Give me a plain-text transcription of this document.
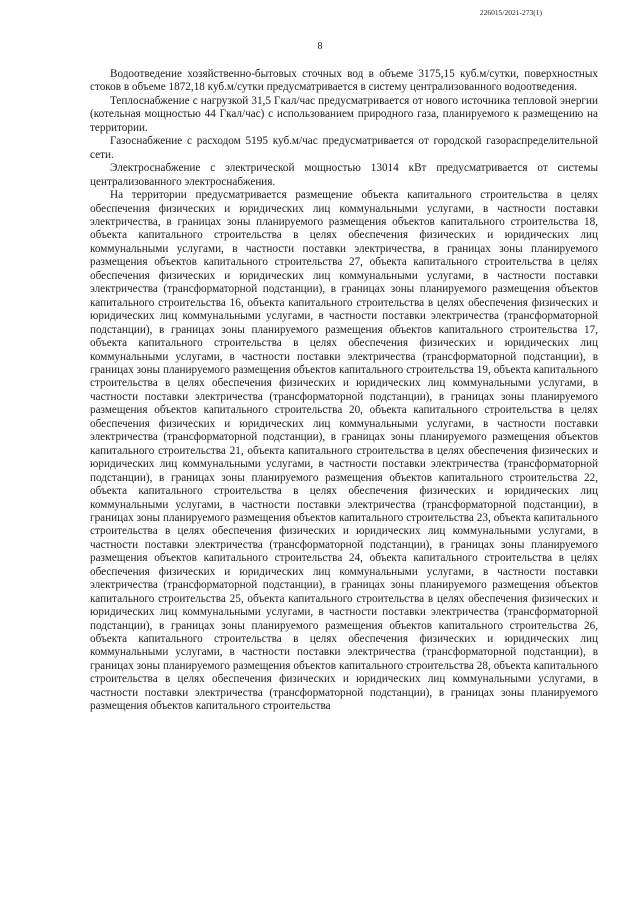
226015/2021-273(1)
8

Водоотведение хозяйственно-бытовых сточных вод в объеме 3175,15 куб.м/сутки, поверхностных стоков в объеме 1872,18 куб.м/сутки предусматривается в систему централизованного водоотведения.

Теплоснабжение с нагрузкой 31,5 Гкал/час предусматривается от нового источника тепловой энергии (котельная мощностью 44 Гкал/час) с использованием природного газа, планируемого к размещению на территории.

Газоснабжение с расходом 5195 куб.м/час предусматривается от городской газораспределительной сети.

Электроснабжение с электрической мощностью 13014 кВт предусматривается от системы централизованного электроснабжения.

На территории предусматривается размещение объекта капитального строительства в целях обеспечения физических и юридических лиц коммунальными услугами, в частности поставки электричества, в границах зоны планируемого размещения объектов капитального строительства 18, объекта капитального строительства в целях обеспечения физических и юридических лиц коммунальными услугами, в частности поставки электричества, в границах зоны планируемого размещения объектов капитального строительства 27, объекта капитального строительства в целях обеспечения физических и юридических лиц коммунальными услугами, в частности поставки электричества (трансформаторной подстанции), в границах зоны планируемого размещения объектов капитального строительства 16, объекта капитального строительства в целях обеспечения физических и юридических лиц коммунальными услугами, в частности поставки электричества (трансформаторной подстанции), в границах зоны планируемого размещения объектов капитального строительства 17, объекта капитального строительства в целях обеспечения физических и юридических лиц коммунальными услугами, в частности поставки электричества (трансформаторной подстанции), в границах зоны планируемого размещения объектов капитального строительства 19, объекта капитального строительства в целях обеспечения физических и юридических лиц коммунальными услугами, в частности поставки электричества (трансформаторной подстанции), в границах зоны планируемого размещения объектов капитального строительства 20, объекта капитального строительства в целях обеспечения физических и юридических лиц коммунальными услугами, в частности поставки электричества (трансформаторной подстанции), в границах зоны планируемого размещения объектов капитального строительства 21, объекта капитального строительства в целях обеспечения физических и юридических лиц коммунальными услугами, в частности поставки электричества (трансформаторной подстанции), в границах зоны планируемого размещения объектов капитального строительства 22, объекта капитального строительства в целях обеспечения физических и юридических лиц коммунальными услугами, в частности поставки электричества (трансформаторной подстанции), в границах зоны планируемого размещения объектов капитального строительства 23, объекта капитального строительства в целях обеспечения физических и юридических лиц коммунальными услугами, в частности поставки электричества (трансформаторной подстанции), в границах зоны планируемого размещения объектов капитального строительства 24, объекта капитального строительства в целях обеспечения физических и юридических лиц коммунальными услугами, в частности поставки электричества (трансформаторной подстанции), в границах зоны планируемого размещения объектов капитального строительства 25, объекта капитального строительства в целях обеспечения физических и юридических лиц коммунальными услугами, в частности поставки электричества (трансформаторной подстанции), в границах зоны планируемого размещения объектов капитального строительства 26, объекта капитального строительства в целях обеспечения физических и юридических лиц коммунальными услугами, в частности поставки электричества (трансформаторной подстанции), в границах зоны планируемого размещения объектов капитального строительства 28, объекта капитального строительства в целях обеспечения физических и юридических лиц коммунальными услугами, в частности поставки электричества (трансформаторной подстанции), в границах зоны планируемого размещения объектов капитального строительства
